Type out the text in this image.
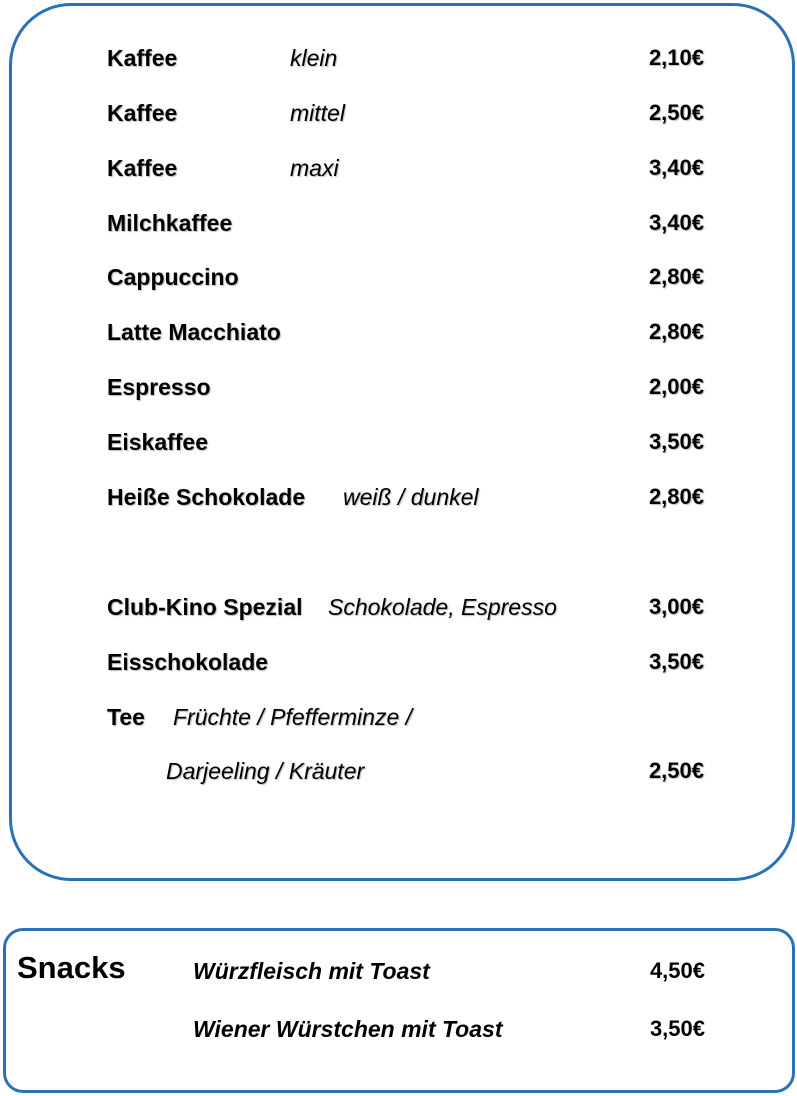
Kaffee	klein	2,10€
Kaffee	mittel	2,50€
Kaffee	maxi	3,40€
Milchkaffee	3,40€
Cappuccino	2,80€
Latte Macchiato	2,80€
Espresso	2,00€
Eiskaffee	3,50€
Heiße Schokolade weiß / dunkel	2,80€
Club-Kino Spezial Schokolade, Espresso	3,00€
Eisschokolade	3,50€
Tee Früchte / Pfefferminze /
Darjeeling / Kräuter	2,50€
Snacks	Würzfleisch mit Toast	4,50€
Wiener Würstchen mit Toast	3,50€
